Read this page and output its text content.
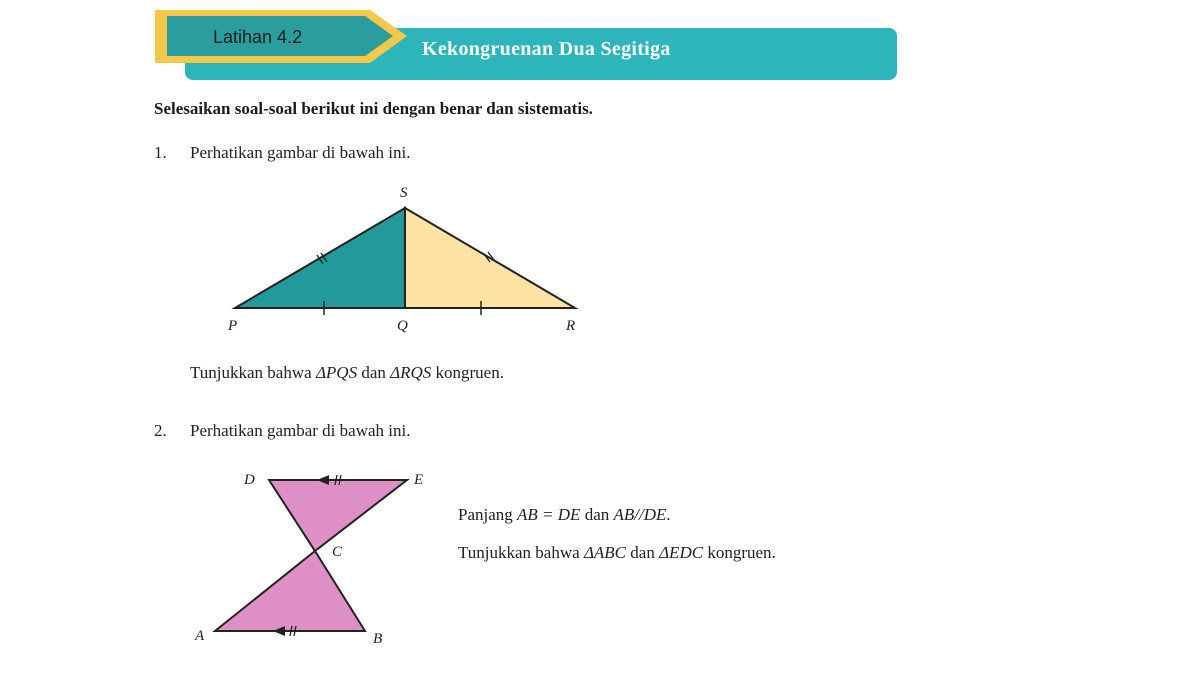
Latihan 4.2
Kekongruenan Dua Segitiga
Selesaikan soal-soal berikut ini dengan benar dan sistematis.
1. Perhatikan gambar di bawah ini.
S
P	Q	R
Tunjukkan bahwa ΔPQS dan ΔRQS kongruen.
2. Perhatikan gambar di bawah ini.
D	E
C
A	B
Panjang AB = DE dan AB//DE.
Tunjukkan bahwa ΔABC dan ΔEDC kongruen.
